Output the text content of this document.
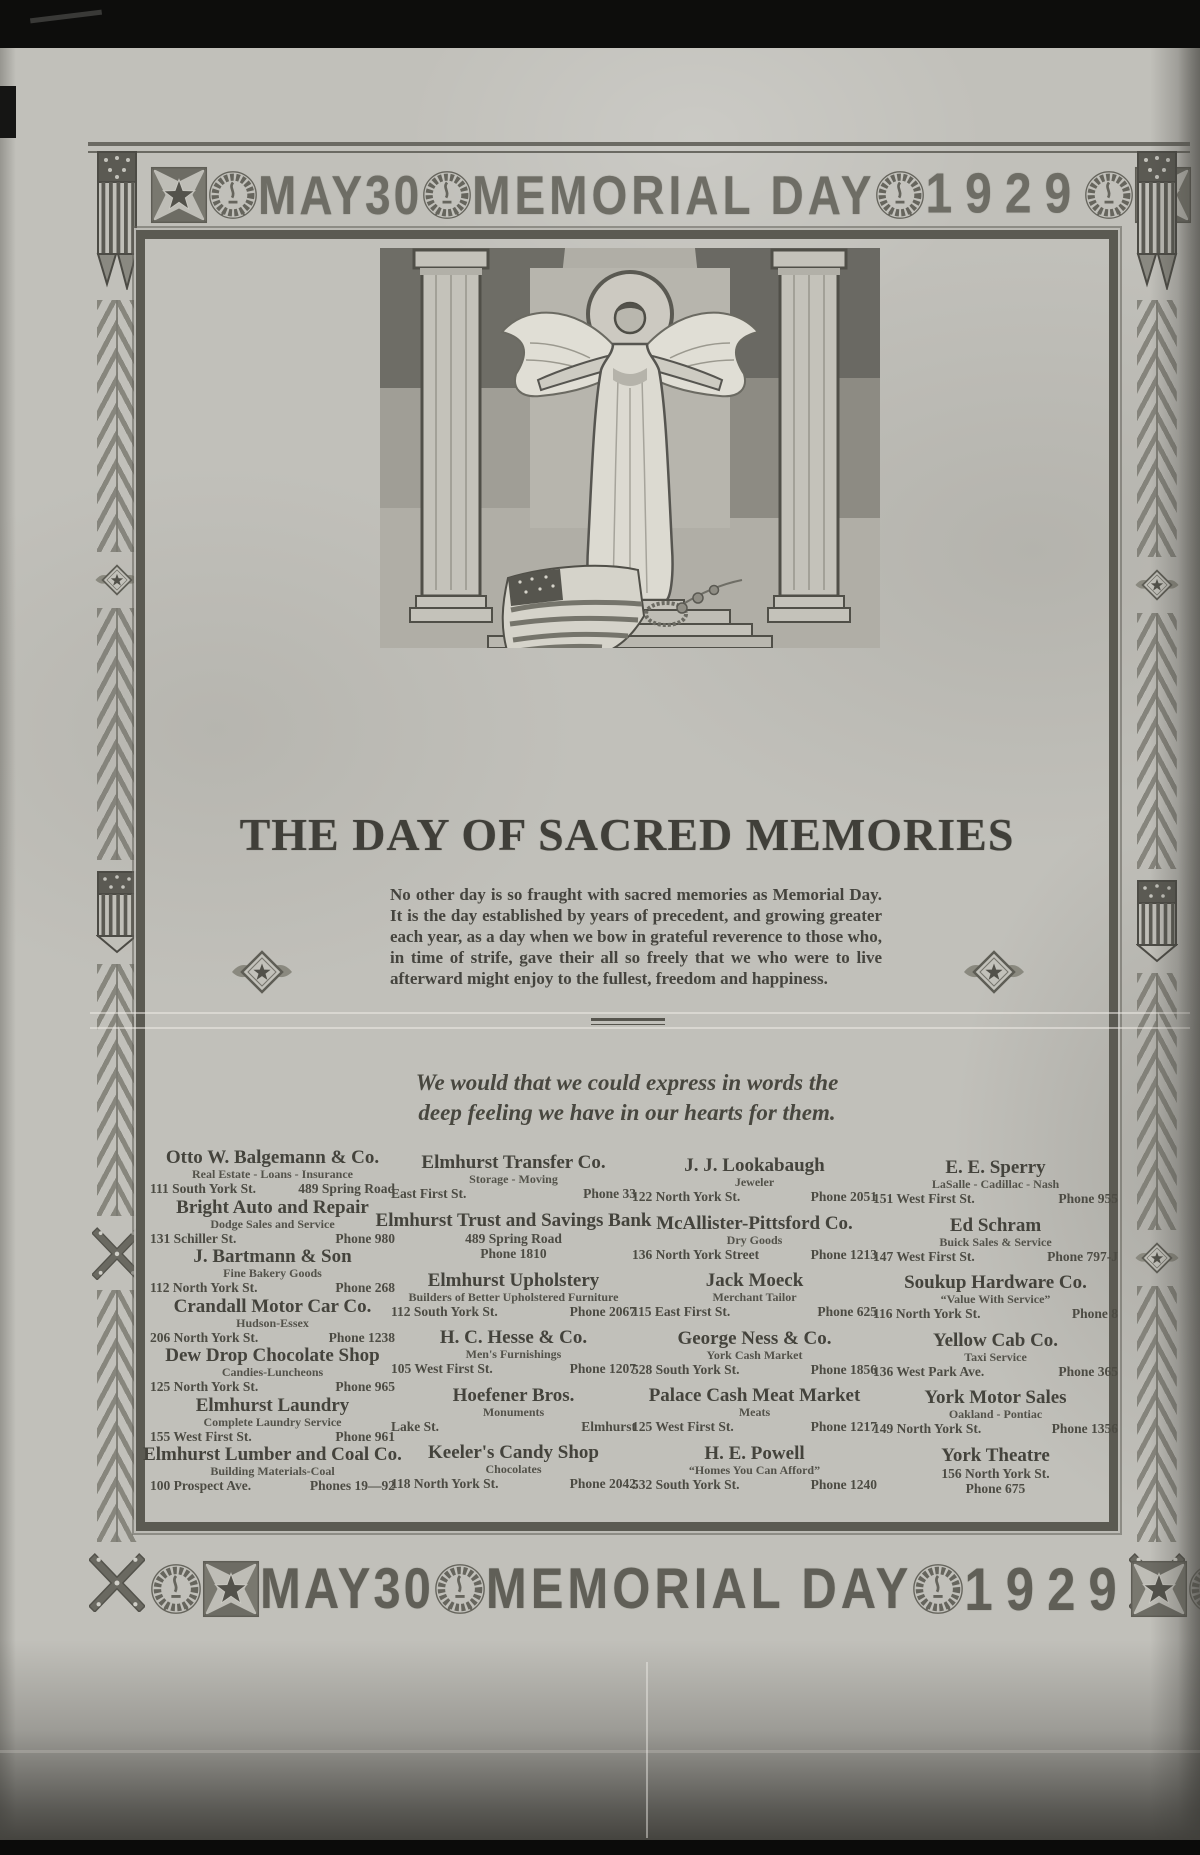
MAY30 MEMORIAL DAY 1929
THE DAY OF SACRED MEMORIES

No other day is so fraught with sacred memories as Memorial Day. It is the day established by years of precedent, and growing greater each year, as a day when we bow in grateful reverence to those who, in time of strife, gave their all so freely that we who were to live afterward might enjoy to the fullest, freedom and happiness.

We would that we could express in words the
deep feeling we have in our hearts for them.
Otto W. Balgemann & Co.
Real Estate - Loans - Insurance
111 South York St.	489 Spring Road
Bright Auto and Repair
Dodge Sales and Service
131 Schiller St.	Phone 980
J. Bartmann & Son
Fine Bakery Goods
112 North York St.	Phone 268
Crandall Motor Car Co.
Hudson-Essex
206 North York St.	Phone 1238
Dew Drop Chocolate Shop
Candies-Luncheons
125 North York St.	Phone 965
Elmhurst Laundry
Complete Laundry Service
155 West First St.	Phone 961
Elmhurst Lumber and Coal Co.
Building Materials-Coal
100 Prospect Ave.	Phones 19—92
Elmhurst Transfer Co.
Storage - Moving
East First St.	Phone 33
Elmhurst Trust and Savings Bank
489 Spring Road
Phone 1810
Elmhurst Upholstery
Builders of Better Upholstered Furniture
112 South York St.	Phone 2067
H. C. Hesse & Co.
Men's Furnishings
105 West First St.	Phone 1207
Hoefener Bros.
Monuments
Lake St.	Elmhurst
Keeler's Candy Shop
Chocolates
118 North York St.	Phone 2042
J. J. Lookabaugh
Jeweler
122 North York St.	Phone 2051
McAllister-Pittsford Co.
Dry Goods
136 North York Street	Phone 1213
Jack Moeck
Merchant Tailor
115 East First St.	Phone 625
George Ness & Co.
York Cash Market
528 South York St.	Phone 1856
Palace Cash Meat Market
Meats
125 West First St.	Phone 1217
H. E. Powell
“Homes You Can Afford”
532 South York St.	Phone 1240
E. E. Sperry
LaSalle - Cadillac - Nash
151 West First St.	Phone 955
Ed Schram
Buick Sales & Service
147 West First St.	Phone 797-J
Soukup Hardware Co.
“Value With Service”
116 North York St.	Phone 8
Yellow Cab Co.
Taxi Service
136 West Park Ave.	Phone 365
York Motor Sales
Oakland - Pontiac
149 North York St.	Phone 1356
York Theatre
156 North York St.
Phone 675
MAY30 MEMORIAL DAY 1929
